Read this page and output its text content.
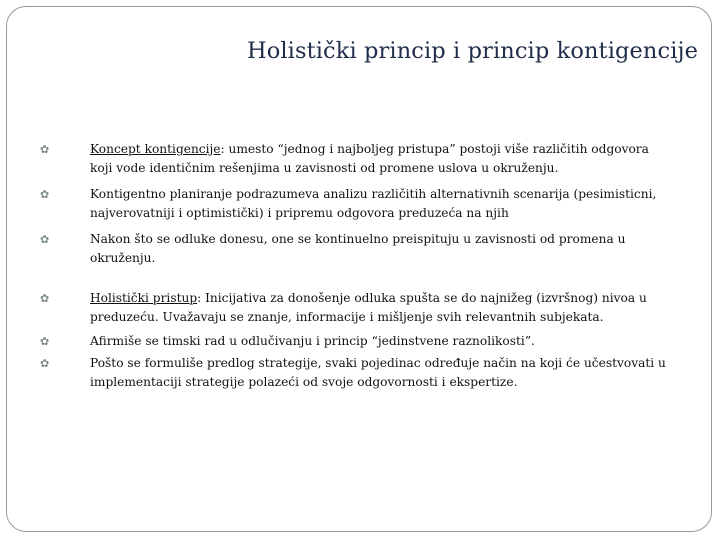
Holistički princip i princip kontigencije
✿	Koncept kontigencije: umesto “jednog i najboljeg pristupa” postoji više različitih odgovora koji vode identičnim rešenjima u zavisnosti od promene uslova u okruženju.
✿	Kontigentno planiranje podrazumeva analizu različitih alternativnih scenarija (pesimisticni, najverovatniji i optimistički) i pripremu odgovora preduzeća na njih
✿	Nakon što se odluke donesu, one se kontinuelno preispituju u zavisnosti od promena u okruženju.
✿	Holistički pristup: Inicijativa za donošenje odluka spušta se do najnižeg (izvršnog) nivoa u preduzeću. Uvažavaju se znanje, informacije i mišljenje svih relevantnih subjekata.
✿	Afirmiše se timski rad u odlučivanju i princip “jedinstvene raznolikosti”.
✿	Pošto se formuliše predlog strategije, svaki pojedinac određuje način na koji će učestvovati u implementaciji strategije polazeći od svoje odgovornosti i ekspertize.
